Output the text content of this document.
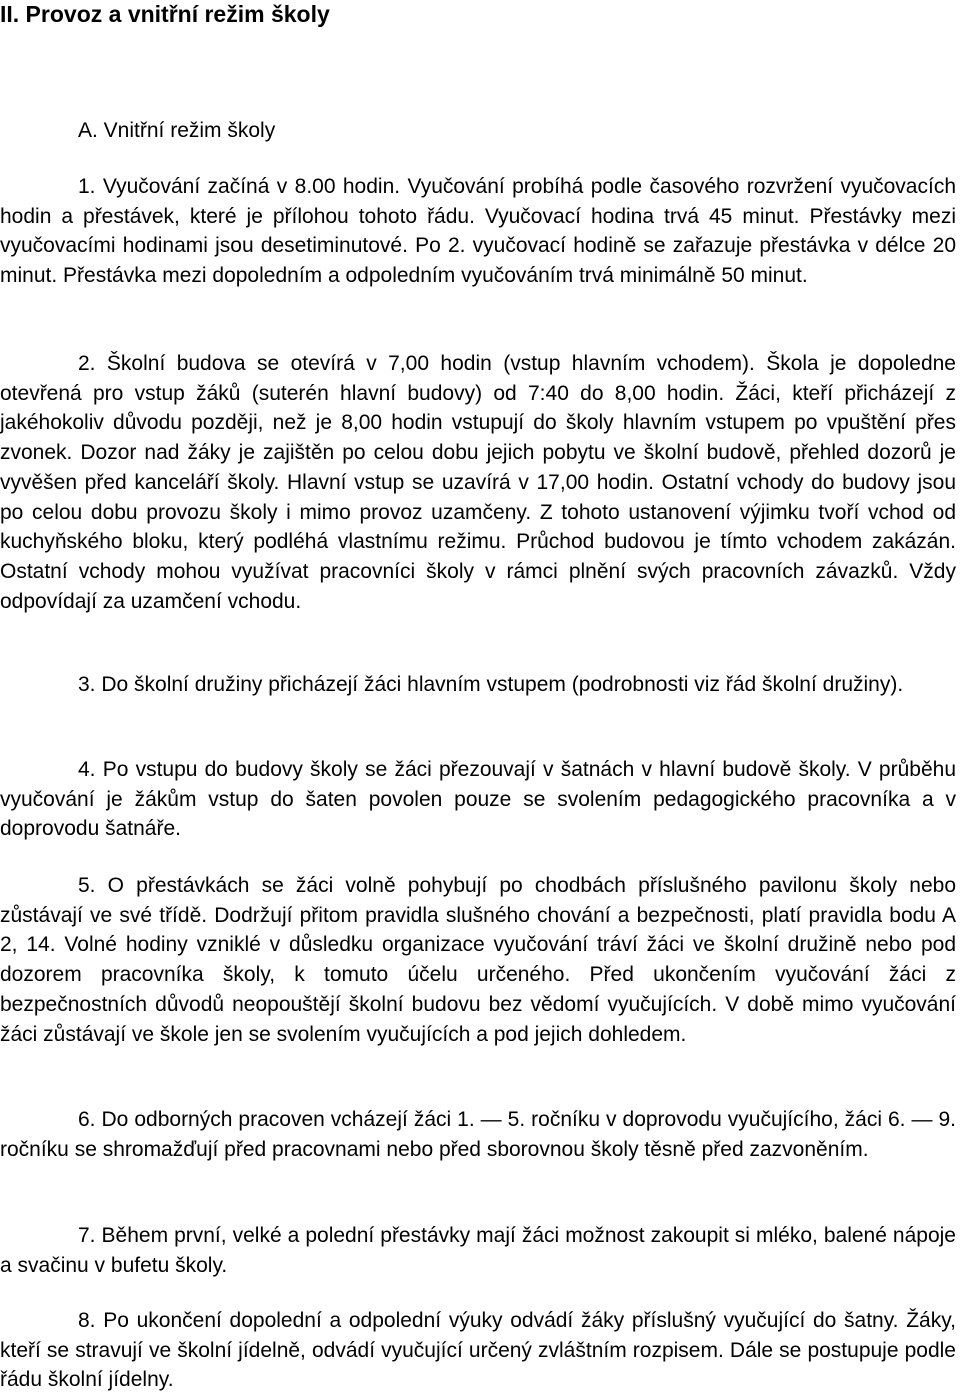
II. Provoz a vnitřní režim školy
A. Vnitřní režim školy

1. Vyučování začíná v 8.00 hodin. Vyučování probíhá podle časového rozvržení vyučovacích hodin a přestávek, které je přílohou tohoto řádu. Vyučovací hodina trvá 45 minut. Přestávky mezi vyučovacími hodinami jsou desetiminutové. Po 2. vyučovací hodině se zařazuje přestávka v délce 20 minut. Přestávka mezi dopoledním a odpoledním vyučováním trvá minimálně 50 minut.

2. Školní budova se otevírá v 7,00 hodin (vstup hlavním vchodem). Škola je dopoledne otevřená pro vstup žáků (suterén hlavní budovy) od 7:40 do 8,00 hodin. Žáci, kteří přicházejí z jakéhokoliv důvodu později, než je 8,00 hodin vstupují do školy hlavním vstupem po vpuštění přes zvonek. Dozor nad žáky je zajištěn po celou dobu jejich pobytu ve školní budově, přehled dozorů je vyvěšen před kanceláří školy. Hlavní vstup se uzavírá v 17,00 hodin. Ostatní vchody do budovy jsou po celou dobu provozu školy i mimo provoz uzamčeny. Z tohoto ustanovení výjimku tvoří vchod od kuchyňského bloku, který podléhá vlastnímu režimu. Průchod budovou je tímto vchodem zakázán. Ostatní vchody mohou využívat pracovníci školy v rámci plnění svých pracovních závazků. Vždy odpovídají za uzamčení vchodu.

3. Do školní družiny přicházejí žáci hlavním vstupem (podrobnosti viz řád školní družiny).

4. Po vstupu do budovy školy se žáci přezouvají v šatnách v hlavní budově školy. V průběhu vyučování je žákům vstup do šaten povolen pouze se svolením pedagogického pracovníka a v doprovodu šatnáře.

5. O přestávkách se žáci volně pohybují po chodbách příslušného pavilonu školy nebo zůstávají ve své třídě. Dodržují přitom pravidla slušného chování a bezpečnosti, platí pravidla bodu A 2, 14. Volné hodiny vzniklé v důsledku organizace vyučování tráví žáci ve školní družině nebo pod dozorem pracovníka školy, k tomuto účelu určeného. Před ukončením vyučování žáci z bezpečnostních důvodů neopouštějí školní budovu bez vědomí vyučujících. V době mimo vyučování žáci zůstávají ve škole jen se svolením vyučujících a pod jejich dohledem.

6. Do odborných pracoven vcházejí žáci 1. — 5. ročníku v doprovodu vyučujícího, žáci 6. — 9. ročníku se shromažďují před pracovnami nebo před sborovnou školy těsně před zazvoněním.

7. Během první, velké a polední přestávky mají žáci možnost zakoupit si mléko, balené nápoje a svačinu v bufetu školy.

8. Po ukončení dopolední a odpolední výuky odvádí žáky příslušný vyučující do šatny. Žáky, kteří se stravují ve školní jídelně, odvádí vyučující určený zvláštním rozpisem. Dále se postupuje podle řádu školní jídelny.
